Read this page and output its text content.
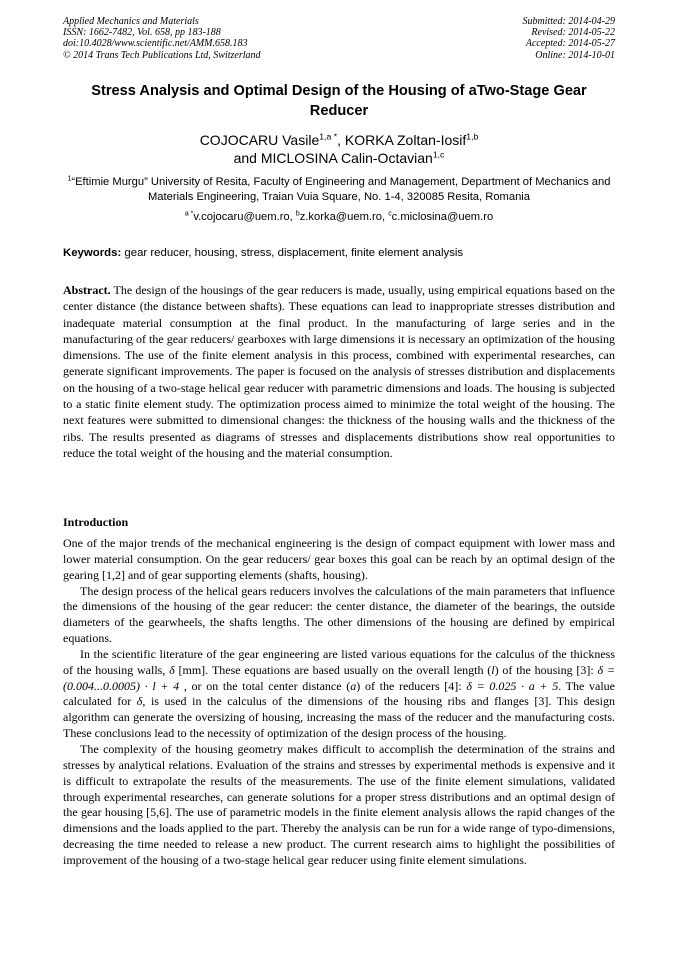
Applied Mechanics and Materials
ISSN: 1662-7482, Vol. 658, pp 183-188
doi:10.4028/www.scientific.net/AMM.658.183
© 2014 Trans Tech Publications Ltd, Switzerland
Submitted: 2014-04-29
Revised: 2014-05-22
Accepted: 2014-05-27
Online: 2014-10-01
Stress Analysis and Optimal Design of the Housing of aTwo-Stage Gear Reducer
COJOCARU Vasile$^{1,a *}$, KORKA Zoltan-Iosif$^{1,b}$
and MICLOSINA Calin-Octavian$^{1,c}$
$^1$“Eftimie Murgu” University of Resita, Faculty of Engineering and Management, Department of Mechanics and Materials Engineering, Traian Vuia Square, No. 1-4, 320085 Resita, Romania
$^{a *}$v.cojocaru@uem.ro, $^b$z.korka@uem.ro, $^c$c.miclosina@uem.ro
Keywords: gear reducer, housing, stress, displacement, finite element analysis

Abstract. The design of the housings of the gear reducers is made, usually, using empirical equations based on the center distance (the distance between shafts). These equations can lead to inappropriate stresses distribution and inadequate material consumption at the final product. In the manufacturing of large series and in the manufacturing of the gear reducers/ gearboxes with large dimensions it is necessary an optimization of the housing dimensions. The use of the finite element analysis in this process, combined with experimental researches, can generate significant improvements. The paper is focused on the analysis of stresses distribution and displacements on the housing of a two-stage helical gear reducer with parametric dimensions and loads. The housing is subjected to a static finite element study. The optimization process aimed to minimize the total weight of the housing. The next features were submitted to dimensional changes: the thickness of the housing walls and the thickness of the ribs. The results presented as diagrams of stresses and displacements distributions show real opportunities to reduce the total weight of the housing and the material consumption.

Introduction

One of the major trends of the mechanical engineering is the design of compact equipment with lower mass and lower material consumption. On the gear reducers/ gear boxes this goal can be reach by an optimal design of the gearing [1,2] and of gear supporting elements (shafts, housing).

The design process of the helical gears reducers involves the calculations of the main parameters that influence the dimensions of the housing of the gear reducer: the center distance, the diameter of the bearings, the outside diameters of the gearwheels, the shafts lengths. The other dimensions of the housing are defined by empirical equations.

In the scientific literature of the gear engineering are listed various equations for the calculus of the thickness of the housing walls, δ [mm]. These equations are based usually on the overall length (l) of the housing [3]: δ = (0.004...0.0005) · l + 4 , or on the total center distance (a) of the reducers [4]: δ = 0.025 · a + 5. The value calculated for δ, is used in the calculus of the dimensions of the housing ribs and flanges [3]. This design algorithm can generate the oversizing of housing, increasing the mass of the reducer and the manufacturing costs. These conclusions lead to the necessity of optimization of the design process of the housing.

The complexity of the housing geometry makes difficult to accomplish the determination of the strains and stresses by analytical relations. Evaluation of the strains and stresses by experimental methods is expensive and it is difficult to extrapolate the results of the measurements. The use of the finite element simulations, validated through experimental researches, can generate solutions for a proper stress distributions and an optimal design of the gear housing [5,6]. The use of parametric models in the finite element analysis allows the rapid changes of the dimensions and the loads applied to the part. Thereby the analysis can be run for a wide range of typo-dimensions, decreasing the time needed to release a new product. The current research aims to highlight the possibilities of improvement of the housing of a two-stage helical gear reducer using finite element simulations.
